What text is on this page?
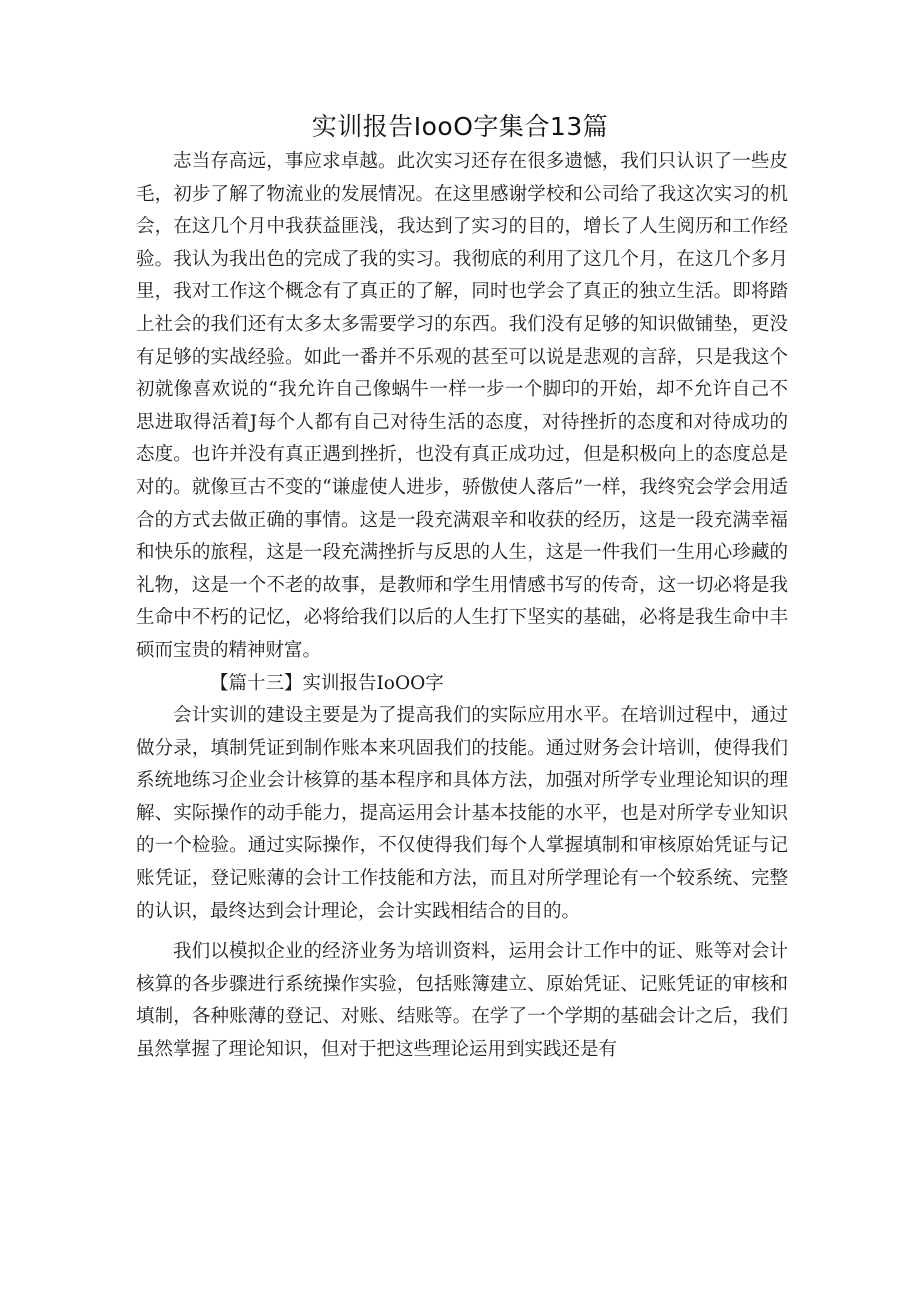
实训报告IooO字集合13篇

志当存高远，事应求卓越。此次实习还存在很多遗憾，我们只认识了一些皮毛，初步了解了物流业的发展情况。在这里感谢学校和公司给了我这次实习的机会，在这几个月中我获益匪浅，我达到了实习的目的，增长了人生阅历和工作经验。我认为我出色的完成了我的实习。我彻底的利用了这几个月，在这几个多月里，我对工作这个概念有了真正的了解，同时也学会了真正的独立生活。即将踏上社会的我们还有太多太多需要学习的东西。我们没有足够的知识做铺垫，更没有足够的实战经验。如此一番并不乐观的甚至可以说是悲观的言辞，只是我这个初就像喜欢说的“我允许自己像蜗牛一样一步一个脚印的开始，却不允许自己不思进取得活着J每个人都有自己对待生活的态度，对待挫折的态度和对待成功的态度。也许并没有真正遇到挫折，也没有真正成功过，但是积极向上的态度总是对的。就像亘古不变的“谦虚使人进步，骄傲使人落后”一样，我终究会学会用适合的方式去做正确的事情。这是一段充满艰辛和收获的经历，这是一段充满幸福和快乐的旅程，这是一段充满挫折与反思的人生，这是一件我们一生用心珍藏的礼物，这是一个不老的故事，是教师和学生用情感书写的传奇，这一切必将是我生命中不朽的记忆，必将给我们以后的人生打下坚实的基础，必将是我生命中丰硕而宝贵的精神财富。

【篇十三】实训报告IoOO字

会计实训的建设主要是为了提高我们的实际应用水平。在培训过程中，通过做分录，填制凭证到制作账本来巩固我们的技能。通过财务会计培训，使得我们系统地练习企业会计核算的基本程序和具体方法，加强对所学专业理论知识的理解、实际操作的动手能力，提高运用会计基本技能的水平，也是对所学专业知识的一个检验。通过实际操作，不仅使得我们每个人掌握填制和审核原始凭证与记账凭证，登记账薄的会计工作技能和方法，而且对所学理论有一个较系统、完整的认识，最终达到会计理论，会计实践相结合的目的。

我们以模拟企业的经济业务为培训资料，运用会计工作中的证、账等对会计核算的各步骤进行系统操作实验，包括账簿建立、原始凭证、记账凭证的审核和填制，各种账薄的登记、对账、结账等。在学了一个学期的基础会计之后，我们虽然掌握了理论知识，但对于把这些理论运用到实践还是有
